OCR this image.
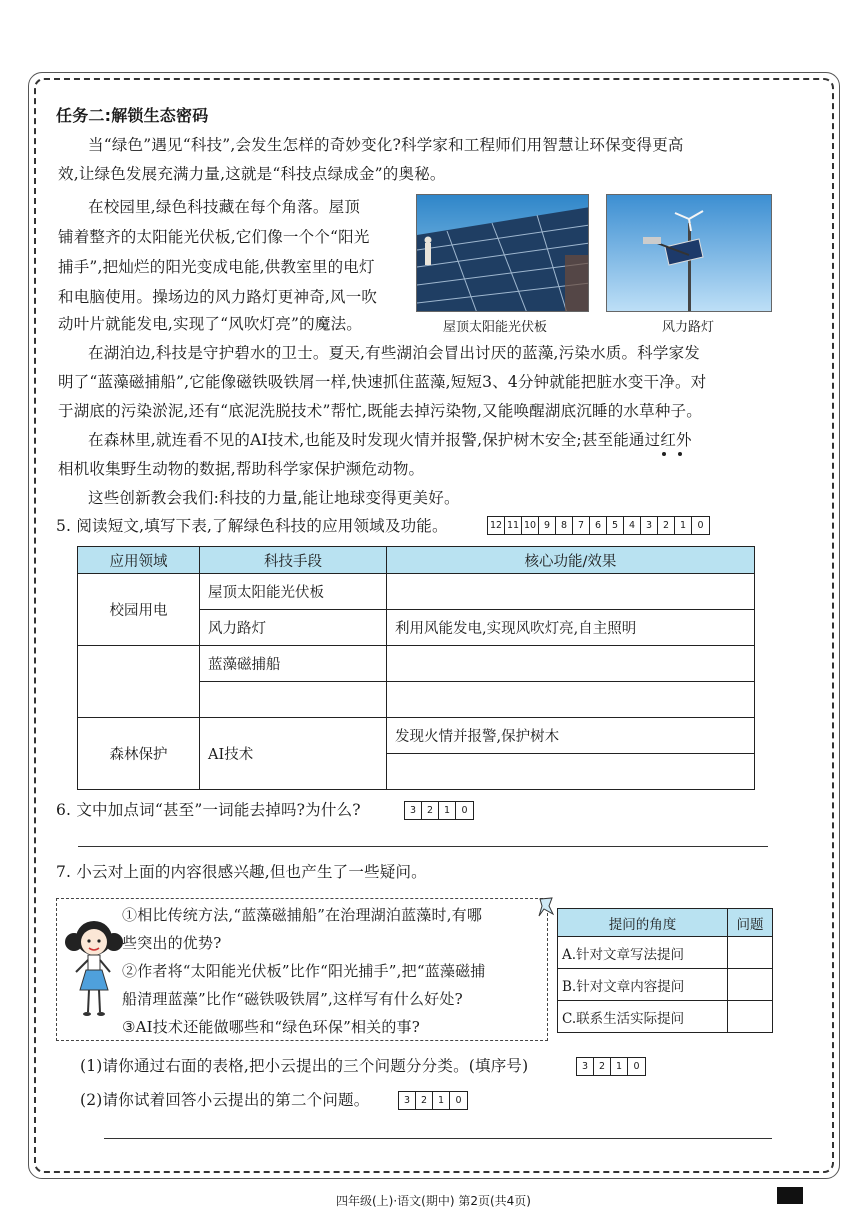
任务二:解锁生态密码
当“绿色”遇见“科技”,会发生怎样的奇妙变化?科学家和工程师们用智慧让环保变得更高
效,让绿色发展充满力量,这就是“科技点绿成金”的奥秘。
在校园里,绿色科技藏在每个角落。屋顶
铺着整齐的太阳能光伏板,它们像一个个“阳光
捕手”,把灿烂的阳光变成电能,供教室里的电灯
和电脑使用。操场边的风力路灯更神奇,风一吹
动叶片就能发电,实现了“风吹灯亮”的魔法。	屋顶太阳能光伏板	风力路灯
在湖泊边,科技是守护碧水的卫士。夏天,有些湖泊会冒出讨厌的蓝藻,污染水质。科学家发
明了“蓝藻磁捕船”,它能像磁铁吸铁屑一样,快速抓住蓝藻,短短3、4分钟就能把脏水变干净。对
于湖底的污染淤泥,还有“底泥洗脱技术”帮忙,既能去掉污染物,又能唤醒湖底沉睡的水草种子。
在森林里,就连看不见的AI技术,也能及时发现火情并报警,保护树木安全;甚至能通过红外
相机收集野生动物的数据,帮助科学家保护濒危动物。
这些创新教会我们:科技的力量,能让地球变得更美好。
5. 阅读短文,填写下表,了解绿色科技的应用领域及功能。	12 11 10 9	8	7	6	5	4	3	2	1	0
应用领域	科技手段	核心功能/效果
校园用电	屋顶太阳能光伏板	
	风力路灯	利用风能发电,实现风吹灯亮,自主照明
	蓝藻磁捕船	

森林保护	AI技术	发现火情并报警,保护树木

6. 文中加点词“甚至”一词能去掉吗?为什么?	3	2	1	0
7. 小云对上面的内容很感兴趣,但也产生了一些疑问。
①相比传统方法,“蓝藻磁捕船”在治理湖泊蓝藻时,有哪
些突出的优势?
②作者将“太阳能光伏板”比作“阳光捕手”,把“蓝藻磁捕
船清理蓝藻”比作“磁铁吸铁屑”,这样写有什么好处?
③AI技术还能做哪些和“绿色环保”相关的事?
提问的角度	问题
A.针对文章写法提问	
B.针对文章内容提问	
C.联系生活实际提问	
(1)请你通过右面的表格,把小云提出的三个问题分分类。(填序号)	3	2	1	0
(2)请你试着回答小云提出的第二个问题。	3	2	1	0
四年级(上)·语文(期中) 第2页(共4页)
